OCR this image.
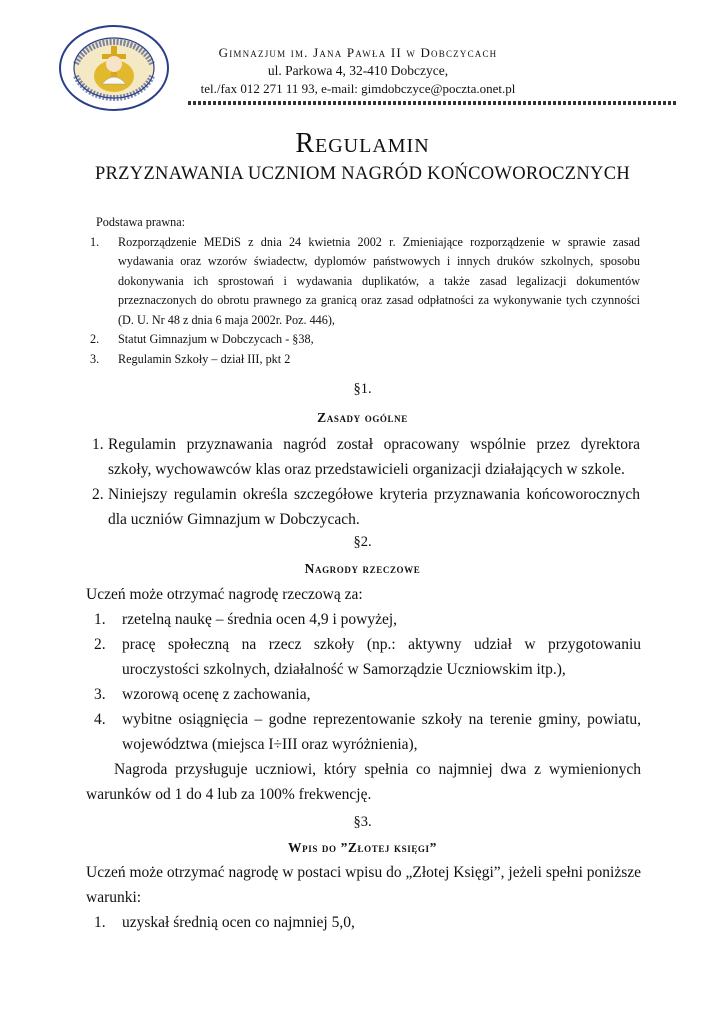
Gimnazjum im. Jana Pawła II w Dobczycach
ul. Parkowa 4, 32-410 Dobczyce,
tel./fax 012 271 11 93, e-mail: gimdobczyce@poczta.onet.pl
Regulamin
PRZYZNAWANIA UCZNIOM NAGRÓD KOŃCOWOROCZNYCH
Podstawa prawna:
1. Rozporządzenie MEDiS z dnia 24 kwietnia 2002 r. Zmieniające rozporządzenie w sprawie zasad wydawania oraz wzorów świadectw, dyplomów państwowych i innych druków szkolnych, sposobu dokonywania ich sprostowań i wydawania duplikatów, a także zasad legalizacji dokumentów przeznaczonych do obrotu prawnego za granicą oraz zasad odpłatności za wykonywanie tych czynności (D. U. Nr 48 z dnia 6 maja 2002r. Poz. 446),
2. Statut Gimnazjum w Dobczycach - §38,
3. Regulamin Szkoły – dział III, pkt 2
§1.
Zasady ogólne
1. Regulamin przyznawania nagród został opracowany wspólnie przez dyrektora szkoły, wychowawców klas oraz przedstawicieli organizacji działających w szkole.
2. Niniejszy regulamin określa szczegółowe kryteria przyznawania końcoworocznych dla uczniów Gimnazjum w Dobczycach.
§2.
Nagrody rzeczowe
Uczeń może otrzymać nagrodę rzeczową za:
1. rzetelną naukę – średnia ocen 4,9 i powyżej,
2. pracę społeczną na rzecz szkoły (np.: aktywny udział w przygotowaniu uroczystości szkolnych, działalność w Samorządzie Uczniowskim itp.),
3. wzorową ocenę z zachowania,
4. wybitne osiągnięcia – godne reprezentowanie szkoły na terenie gminy, powiatu, województwa (miejsca I÷III oraz wyróżnienia),
Nagroda przysługuje uczniowi, który spełnia co najmniej dwa z wymienionych warunków od 1 do 4 lub za 100% frekwencję.
§3.
Wpis do ”Złotej księgi”
Uczeń może otrzymać nagrodę w postaci wpisu do „Złotej Księgi”, jeżeli spełni poniższe warunki:
1. uzyskał średnią ocen co najmniej 5,0,
